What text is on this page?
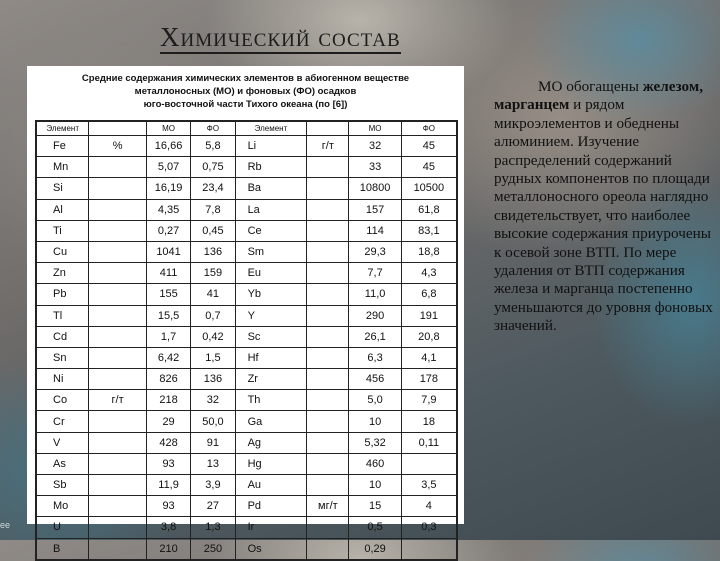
Химический состав
Средние содержания химических элементов в абиогенном веществе
металлоносных (МО) и фоновых (ФО) осадков
юго-восточной части Тихого океана (по [6])
Элемент		МО	ФО	Элемент		МО	ФО
Fe	%	16,66	5,8	Li	г/т	32	45
Mn		5,07	0,75	Rb		33	45
Si		16,19	23,4	Ba		10800	10500
Al		4,35	7,8	La		157	61,8
Ti		0,27	0,45	Ce		114	83,1
Cu		1041	136	Sm		29,3	18,8
Zn		411	159	Eu		7,7	4,3
Pb		155	41	Yb		11,0	6,8
Tl		15,5	0,7	Y		290	191
Cd		1,7	0,42	Sc		26,1	20,8
Sn		6,42	1,5	Hf		6,3	4,1
Ni		826	136	Zr		456	178
Co	г/т	218	32	Th		5,0	7,9
Cr		29	50,0	Ga		10	18
V		428	91	Ag		5,32	0,11
As		93	13	Hg		460	
Sb		11,9	3,9	Au		10	3,5
Mo		93	27	Pd	мг/т	15	4
U		3,8	1,3	Ir		0,5	0,3
B		210	250	Os		0,29	
МО обогащены железом, марганцем и рядом микроэлементов и обеднены алюминием. Изучение распределений содержаний рудных компонентов по площади металлоносного ореола наглядно свидетельствует, что наиболее высокие содержания приурочены к осевой зоне ВТП. По мере удаления от ВТП содержания железа и марганца постепенно уменьшаются до уровня фоновых значений.
ee
